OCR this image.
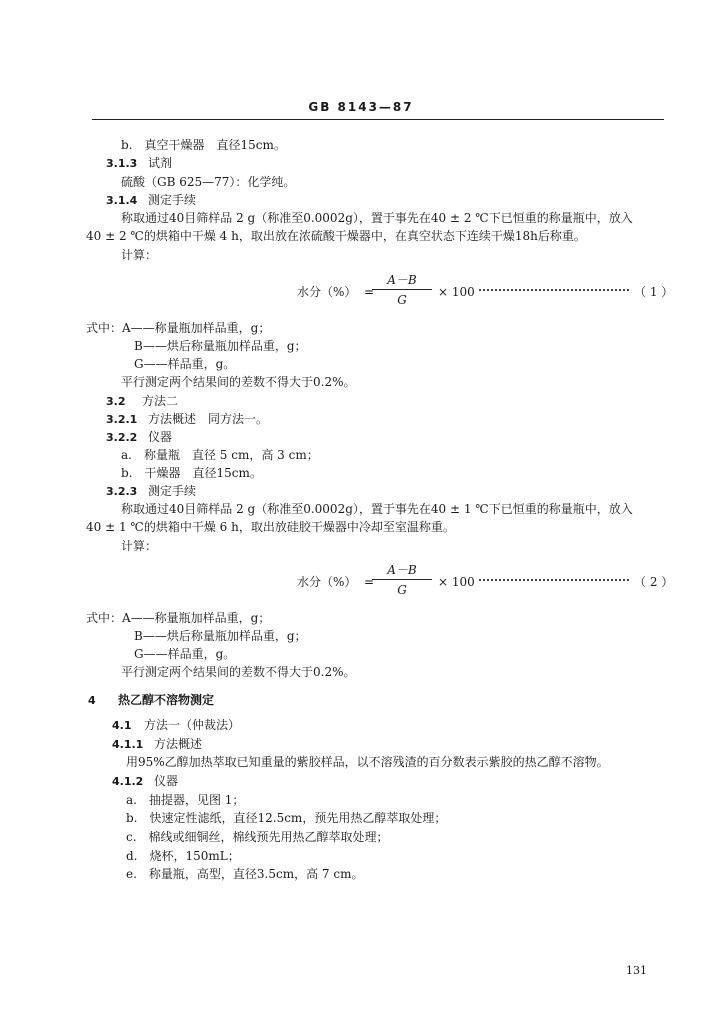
GB 8143—87
b.　真空干燥器　直径15cm。
3.1.3 试剂
硫酸（GB 625—77）：化学纯。
3.1.4 测定手续
称取通过40目筛样品 2 g（称准至0.0002g），置于事先在40 ± 2 ℃下已恒重的称量瓶中，放入
40 ± 2 ℃的烘箱中干燥 4 h，取出放在浓硫酸干燥器中，在真空状态下连续干燥18h后称重。
计算：
水分（%） =
A－B
G
× 100	（ 1 ）
式中：A——称量瓶加样品重，g；
B——烘后称量瓶加样品重，g；
G——样品重，g。
平行测定两个结果间的差数不得大于0.2%。
3.2 方法二
3.2.1 方法概述　同方法一。
3.2.2 仪器
a.　称量瓶　直径 5 cm，高 3 cm；
b.　干燥器　直径15cm。
3.2.3 测定手续
称取通过40目筛样品 2 g（称准至0.0002g），置于事先在40 ± 1 ℃下已恒重的称量瓶中，放入
40 ± 1 ℃的烘箱中干燥 6 h，取出放硅胶干燥器中冷却至室温称重。
计算：
水分（%） =
A－B
G
× 100	（ 2 ）
式中：A——称量瓶加样品重，g；
B——烘后称量瓶加样品重，g；
G——样品重，g。
平行测定两个结果间的差数不得大于0.2%。
4 热乙醇不溶物测定
4.1 方法一（仲裁法）
4.1.1 方法概述
用95%乙醇加热萃取已知重量的紫胶样品，以不溶残渣的百分数表示紫胶的热乙醇不溶物。
4.1.2 仪器
a.　抽提器，见图 1；
b.　快速定性滤纸，直径12.5cm，预先用热乙醇萃取处理；
c.　棉线或细铜丝，棉线预先用热乙醇萃取处理；
d.　烧杯，150mL；
e.　称量瓶，高型，直径3.5cm，高 7 cm。
131
